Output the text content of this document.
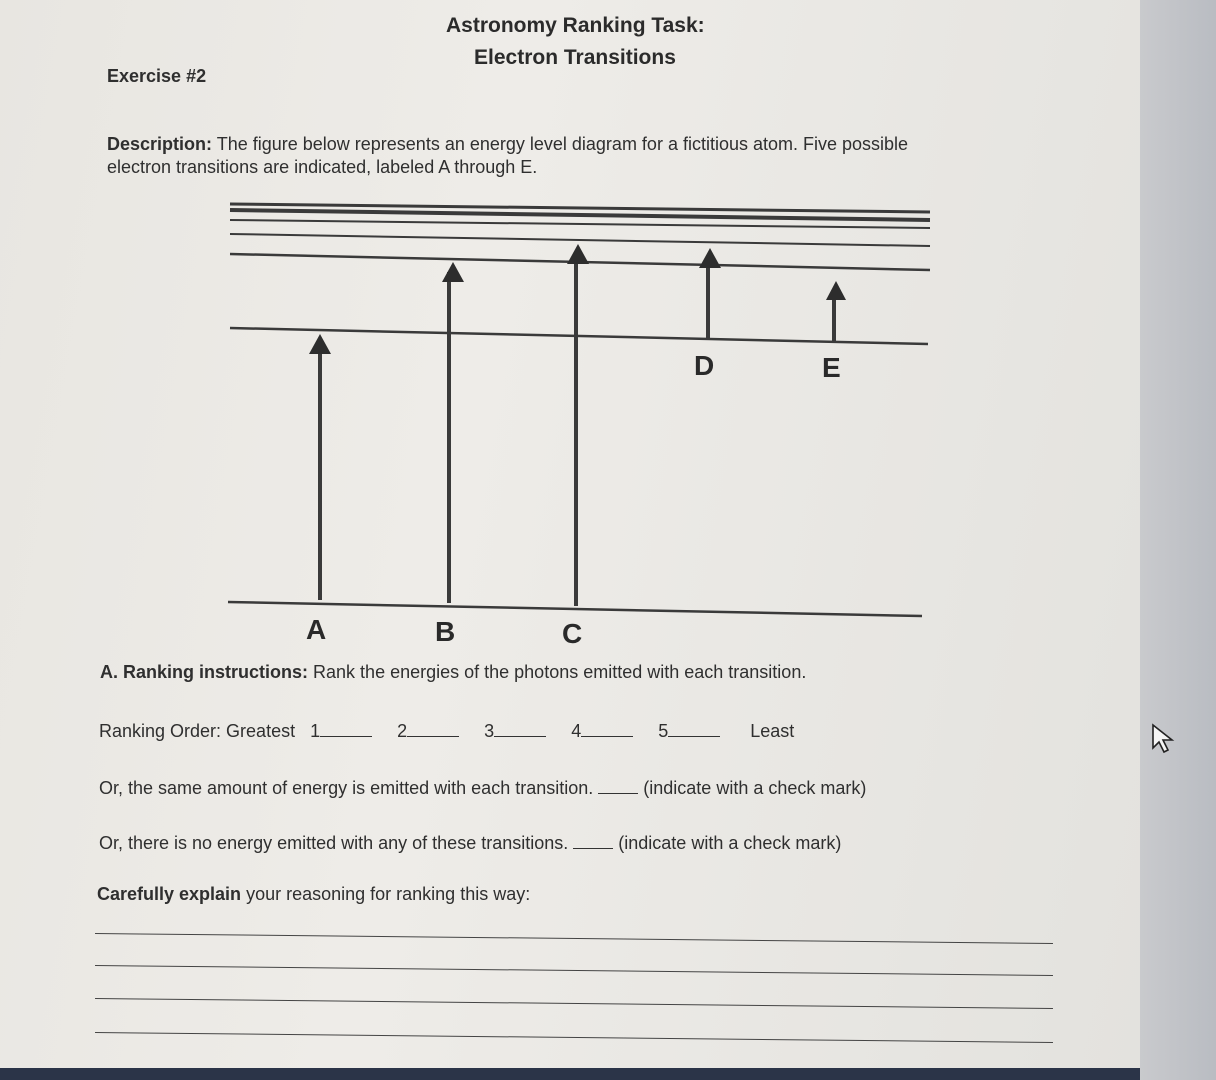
Astronomy Ranking Task:
Electron Transitions
Exercise #2
Description: The figure below represents an energy level diagram for a fictitious atom. Five possible
electron transitions are indicated, labeled A through E.
A	B	C
D	E
A. Ranking instructions: Rank the energies of the photons emitted with each transition.
Ranking Order: Greatest 1	2	3	4	5	Least
Or, the same amount of energy is emitted with each transition.	(indicate with a check mark)
Or, there is no energy emitted with any of these transitions.	(indicate with a check mark)
Carefully explain your reasoning for ranking this way:
